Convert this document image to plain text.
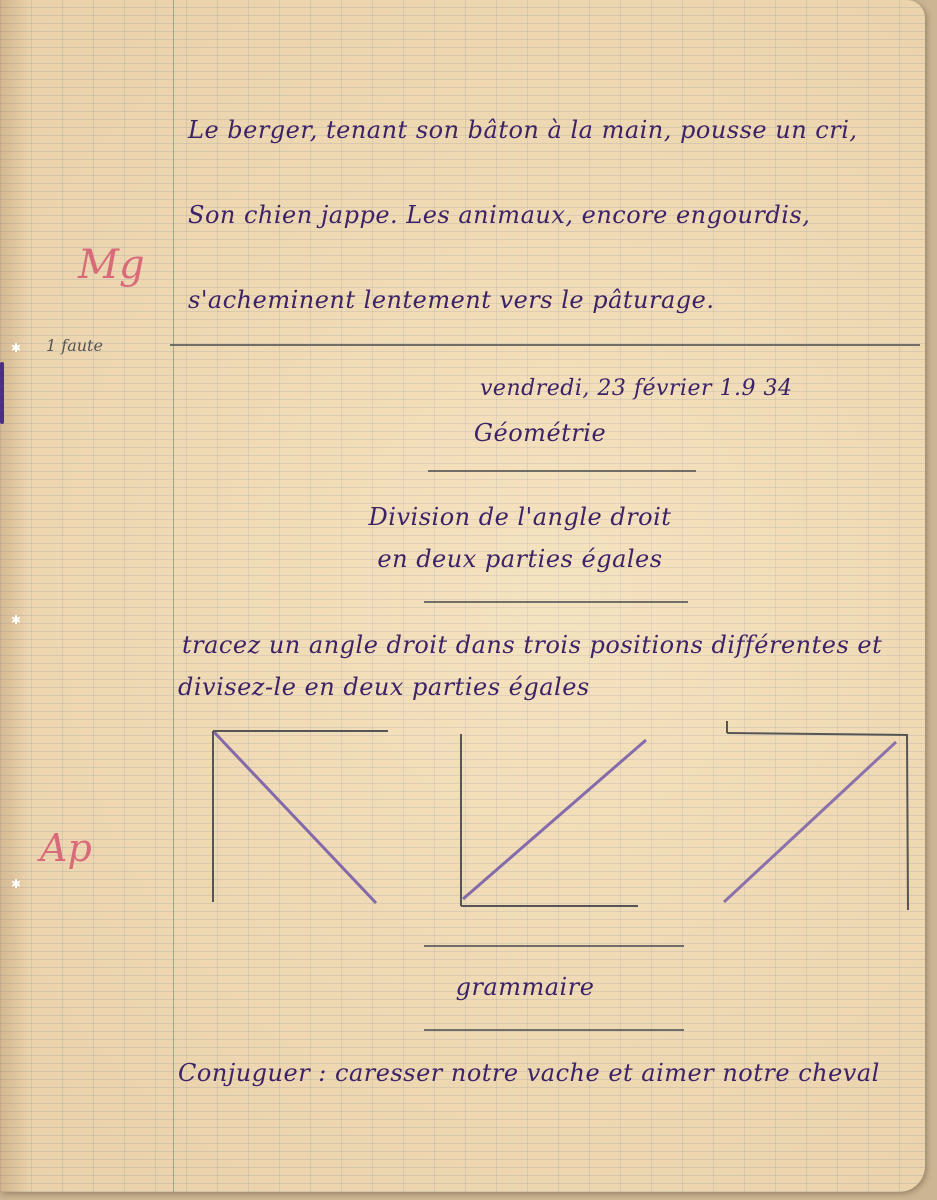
✱
✱
✱

Le berger, tenant son bâton à la main, pousse un cri,

Son chien jappe. Les animaux, encore engourdis,

s'acheminent lentement vers le pâturage.

Mg

1 faute

Ap

vendredi, 23 février 1.9 34

Géométrie

Division de l'angle droit

en deux parties égales

tracez un angle droit dans trois positions différentes et

divisez-le en deux parties égales

grammaire

Conjuguer : caresser notre vache et aimer notre cheval
